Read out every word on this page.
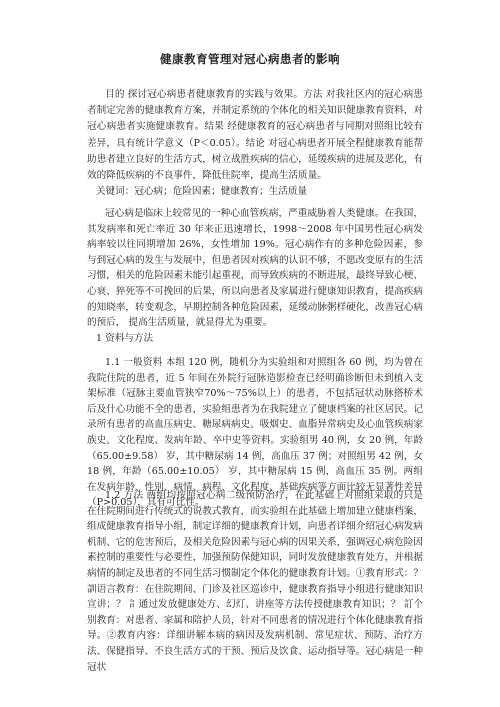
健康教育管理对冠心病患者的影响
目的 探讨冠心病患者健康教育的实践与效果。方法 对我社区内的冠心病患者制定完善的健康教育方案，并制定系统的个体化的相关知识健康教育资料，对冠心病患者实施健康教育。结果 经健康教育的冠心病患者与同期对照组比较有差异，具有统计学意义（P＜0.05）。结论 对冠心病患者开展全程健康教育能帮助患者建立良好的生活方式，树立战胜疾病的信心，延缓疾病的进展及恶化，有效的降低疾病的不良事件，降低住院率，提高生活质量。
关键词：冠心病；危险因素；健康教育；生活质量
冠心病是临床上较常见的一种心血管疾病，严重威胁着人类健康。在我国，其发病率和死亡率近 30 年来正迅速增长，1998～2008 年中国男性冠心病发病率较以往同期增加 26%，女性增加 19%。冠心病作有的多种危险因素，参与到冠心病的发生与发展中，但患者因对疾病的认识不够，不愿改变原有的生活习惯，相关的危险因素未能引起重视，而导致疾病的不断进展，最终导致心梗、心衰、猝死等不可挽回的后果，所以向患者及家属进行健康知识教育，提高疾病的知晓率，转变观念，早期控制各种危险因素，延缓动脉粥样硬化，改善冠心病的预后， 提高生活质量，就显得尤为重要。
1 资料与方法
1.1 一般资料 本组 120 例，随机分为实验组和对照组各 60 例，均为曾在我院住院的患者，近 5 年间在外院行冠脉造影检查已经明确诊断但未到植入支架标准（冠脉主要血管狭窄70%～75%以上）的患者，不包括冠状动脉搭桥术后及什心功能不全的患者，实验组患者为在我院建立了健康档案的社区居民。记录所有患者的高血压病史、糖尿病病史、吸烟史、血脂异常病史及心血管疾病家族史、文化程度、发病年龄、卒中史等资料。实验组男 40 例，女 20 例，年龄（65.00±9.58） 岁，其中糖尿病 14 例，高血压 37 例；对照组男 42 例，女 18 例，年龄（65.00±10.05） 岁，其中糖尿病 15 例，高血压 35 例。两组在发病年龄、性别、病情、病程、文化程度、基础疾病等方面比较无显著性差异（P>0.05），具有可比性。
1.2 方法 两组均按照冠心病二级预防治疗，在此基础上对照组采取的只是在住院期间进行传统式的说教式教育，而实验组在此基础上增加建立健康档案，组成健康教育指导小组，制定详细的健康教育计划，向患者详细介绍冠心病发病机制、它的危害预后，及相关危险因素与冠心病的因果关系，强调冠心病危险因素控制的重要性与必要性，加强预防保健知识，同时发放健康教育处方，并根据病情的制定及患者的不同生活习惯制定个体化的健康教育计划。①教育形式：？ 訓语言教育：在住院期间、门诊及社区巡诊中，健康教育指导小组进行健康知识宣讲；？ 訁通过发放健康处方、幻灯、讲座等方法传授健康教育知识；？ 訂个别教育：对患者、家属和陪护人员，针对不同患者的情况进行个体化健康教育指导。②教育内容：详细讲解本病的病因及发病机制、常见症状、预防、治疗方法、保健指导、不良生活方式的干预、预后及饮食、运动指导等。冠心病是一种冠状
